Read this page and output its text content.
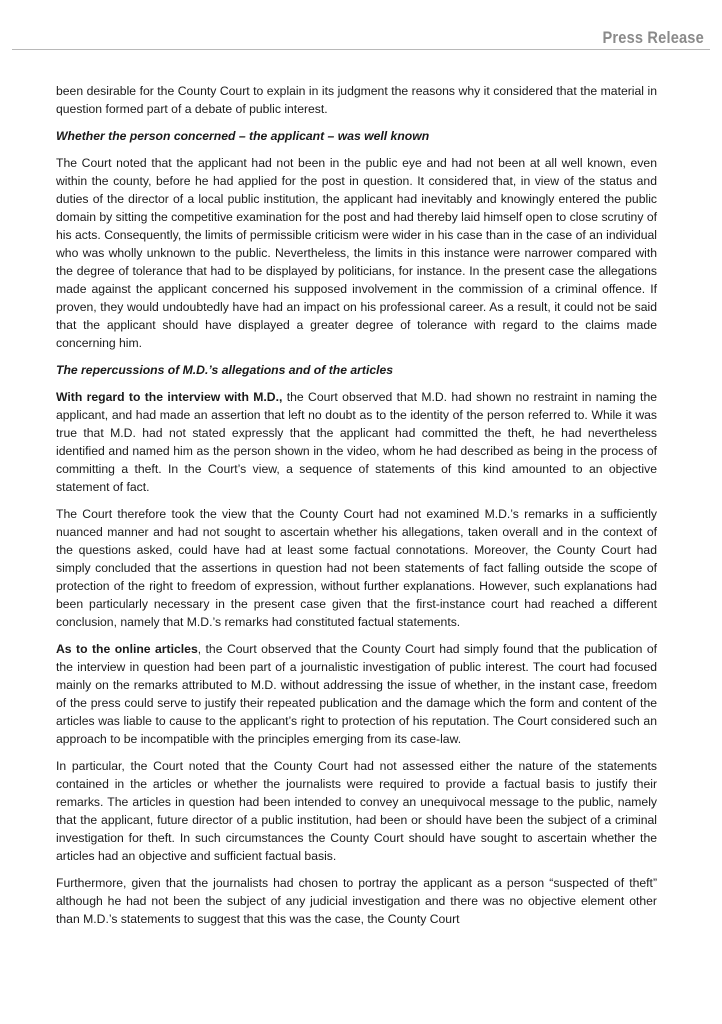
Press Release

been desirable for the County Court to explain in its judgment the reasons why it considered that the material in question formed part of a debate of public interest.

Whether the person concerned – the applicant – was well known

The Court noted that the applicant had not been in the public eye and had not been at all well known, even within the county, before he had applied for the post in question. It considered that, in view of the status and duties of the director of a local public institution, the applicant had inevitably and knowingly entered the public domain by sitting the competitive examination for the post and had thereby laid himself open to close scrutiny of his acts. Consequently, the limits of permissible criticism were wider in his case than in the case of an individual who was wholly unknown to the public. Nevertheless, the limits in this instance were narrower compared with the degree of tolerance that had to be displayed by politicians, for instance. In the present case the allegations made against the applicant concerned his supposed involvement in the commission of a criminal offence. If proven, they would undoubtedly have had an impact on his professional career. As a result, it could not be said that the applicant should have displayed a greater degree of tolerance with regard to the claims made concerning him.

The repercussions of M.D.’s allegations and of the articles

With regard to the interview with M.D., the Court observed that M.D. had shown no restraint in naming the applicant, and had made an assertion that left no doubt as to the identity of the person referred to. While it was true that M.D. had not stated expressly that the applicant had committed the theft, he had nevertheless identified and named him as the person shown in the video, whom he had described as being in the process of committing a theft. In the Court’s view, a sequence of statements of this kind amounted to an objective statement of fact.

The Court therefore took the view that the County Court had not examined M.D.’s remarks in a sufficiently nuanced manner and had not sought to ascertain whether his allegations, taken overall and in the context of the questions asked, could have had at least some factual connotations. Moreover, the County Court had simply concluded that the assertions in question had not been statements of fact falling outside the scope of protection of the right to freedom of expression, without further explanations. However, such explanations had been particularly necessary in the present case given that the first-instance court had reached a different conclusion, namely that M.D.’s remarks had constituted factual statements.

As to the online articles, the Court observed that the County Court had simply found that the publication of the interview in question had been part of a journalistic investigation of public interest. The court had focused mainly on the remarks attributed to M.D. without addressing the issue of whether, in the instant case, freedom of the press could serve to justify their repeated publication and the damage which the form and content of the articles was liable to cause to the applicant’s right to protection of his reputation. The Court considered such an approach to be incompatible with the principles emerging from its case-law.

In particular, the Court noted that the County Court had not assessed either the nature of the statements contained in the articles or whether the journalists were required to provide a factual basis to justify their remarks. The articles in question had been intended to convey an unequivocal message to the public, namely that the applicant, future director of a public institution, had been or should have been the subject of a criminal investigation for theft. In such circumstances the County Court should have sought to ascertain whether the articles had an objective and sufficient factual basis.

Furthermore, given that the journalists had chosen to portray the applicant as a person “suspected of theft” although he had not been the subject of any judicial investigation and there was no objective element other than M.D.’s statements to suggest that this was the case, the County Court
